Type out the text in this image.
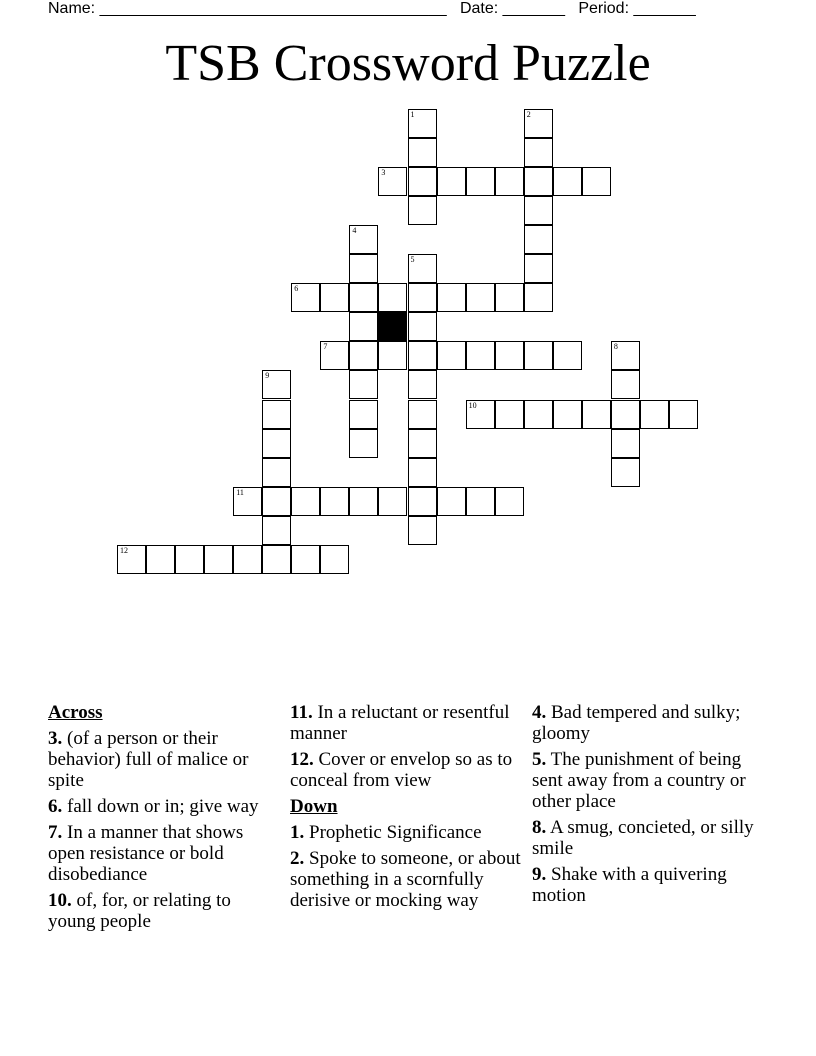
Name: _______________________________________ Date: _______ Period: _______
TSB Crossword Puzzle
1	2
3
4
5
6
7	8
9
10
11
12
Across
3. (of a person or their behavior) full of malice or spite
6. fall down or in; give way
7. In a manner that shows open resistance or bold disobediance
10. of, for, or relating to young people
11. In a reluctant or resentful manner
12. Cover or envelop so as to conceal from view
Down
1. Prophetic Significance
2. Spoke to someone, or about something in a scornfully derisive or mocking way
4. Bad tempered and sulky; gloomy
5. The punishment of being sent away from a country or other place
8. A smug, concieted, or silly smile
9. Shake with a quivering motion
